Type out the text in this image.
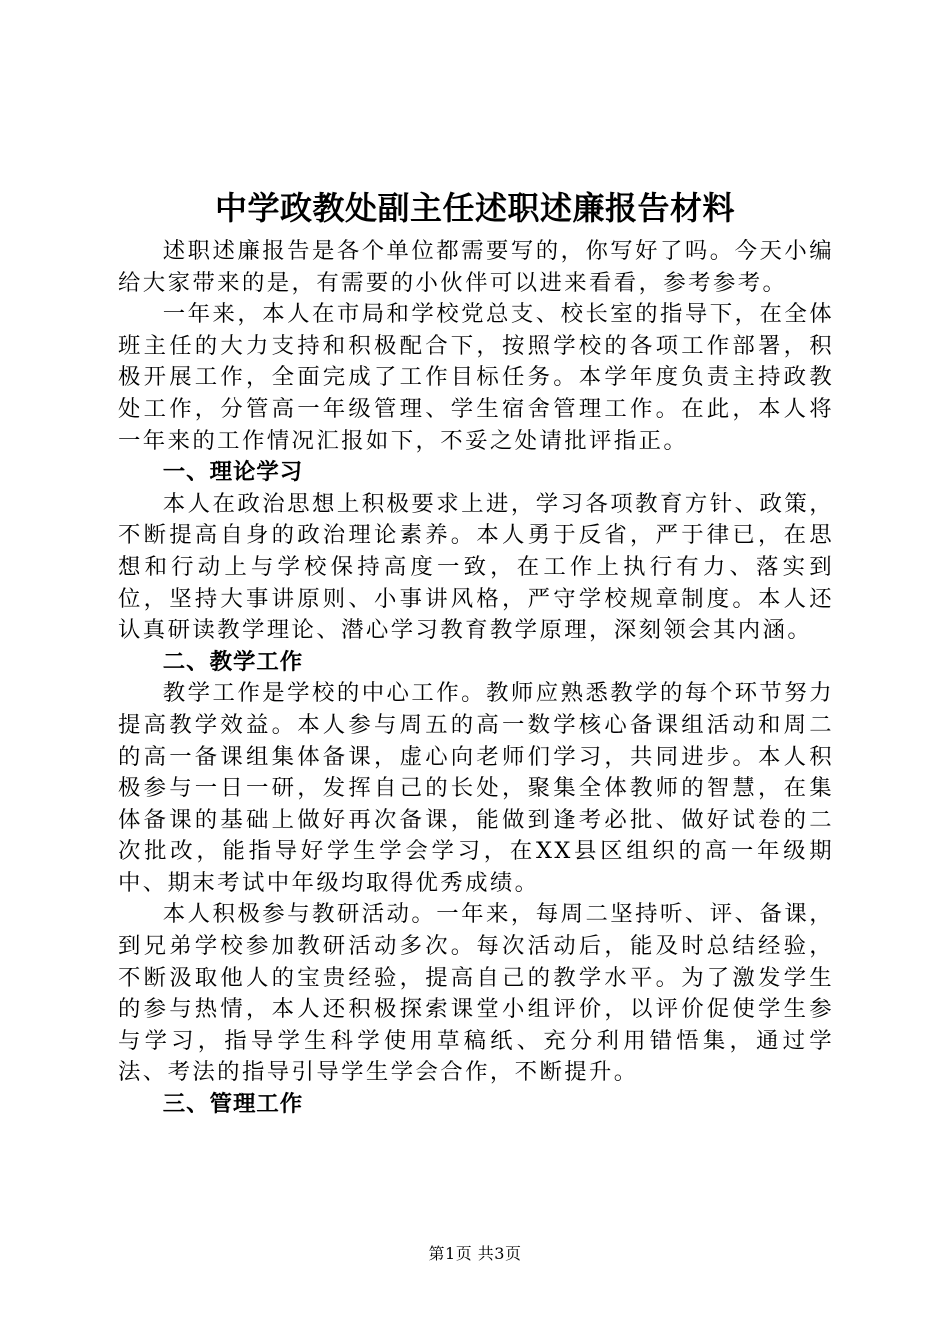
中学政教处副主任述职述廉报告材料

述职述廉报告是各个单位都需要写的，你写好了吗。今天小编给大家带来的是，有需要的小伙伴可以进来看看，参考参考。

一年来，本人在市局和学校党总支、校长室的指导下，在全体班主任的大力支持和积极配合下，按照学校的各项工作部署，积极开展工作，全面完成了工作目标任务。本学年度负责主持政教处工作，分管高一年级管理、学生宿舍管理工作。在此，本人将一年来的工作情况汇报如下，不妥之处请批评指正。

一、理论学习

本人在政治思想上积极要求上进，学习各项教育方针、政策，不断提高自身的政治理论素养。本人勇于反省，严于律已，在思想和行动上与学校保持高度一致，在工作上执行有力、落实到位，坚持大事讲原则、小事讲风格，严守学校规章制度。本人还认真研读教学理论、潜心学习教育教学原理，深刻领会其内涵。

二、教学工作

教学工作是学校的中心工作。教师应熟悉教学的每个环节努力提高教学效益。本人参与周五的高一数学核心备课组活动和周二的高一备课组集体备课，虚心向老师们学习，共同进步。本人积极参与一日一研，发挥自己的长处，聚集全体教师的智慧，在集体备课的基础上做好再次备课，能做到逢考必批、做好试卷的二次批改，能指导好学生学会学习，在XX县区组织的高一年级期中、期末考试中年级均取得优秀成绩。

本人积极参与教研活动。一年来，每周二坚持听、评、备课，到兄弟学校参加教研活动多次。每次活动后，能及时总结经验，不断汲取他人的宝贵经验，提高自己的教学水平。为了激发学生的参与热情，本人还积极探索课堂小组评价，以评价促使学生参与学习，指导学生科学使用草稿纸、充分利用错悟集，通过学法、考法的指导引导学生学会合作，不断提升。

三、管理工作

第1页 共3页
